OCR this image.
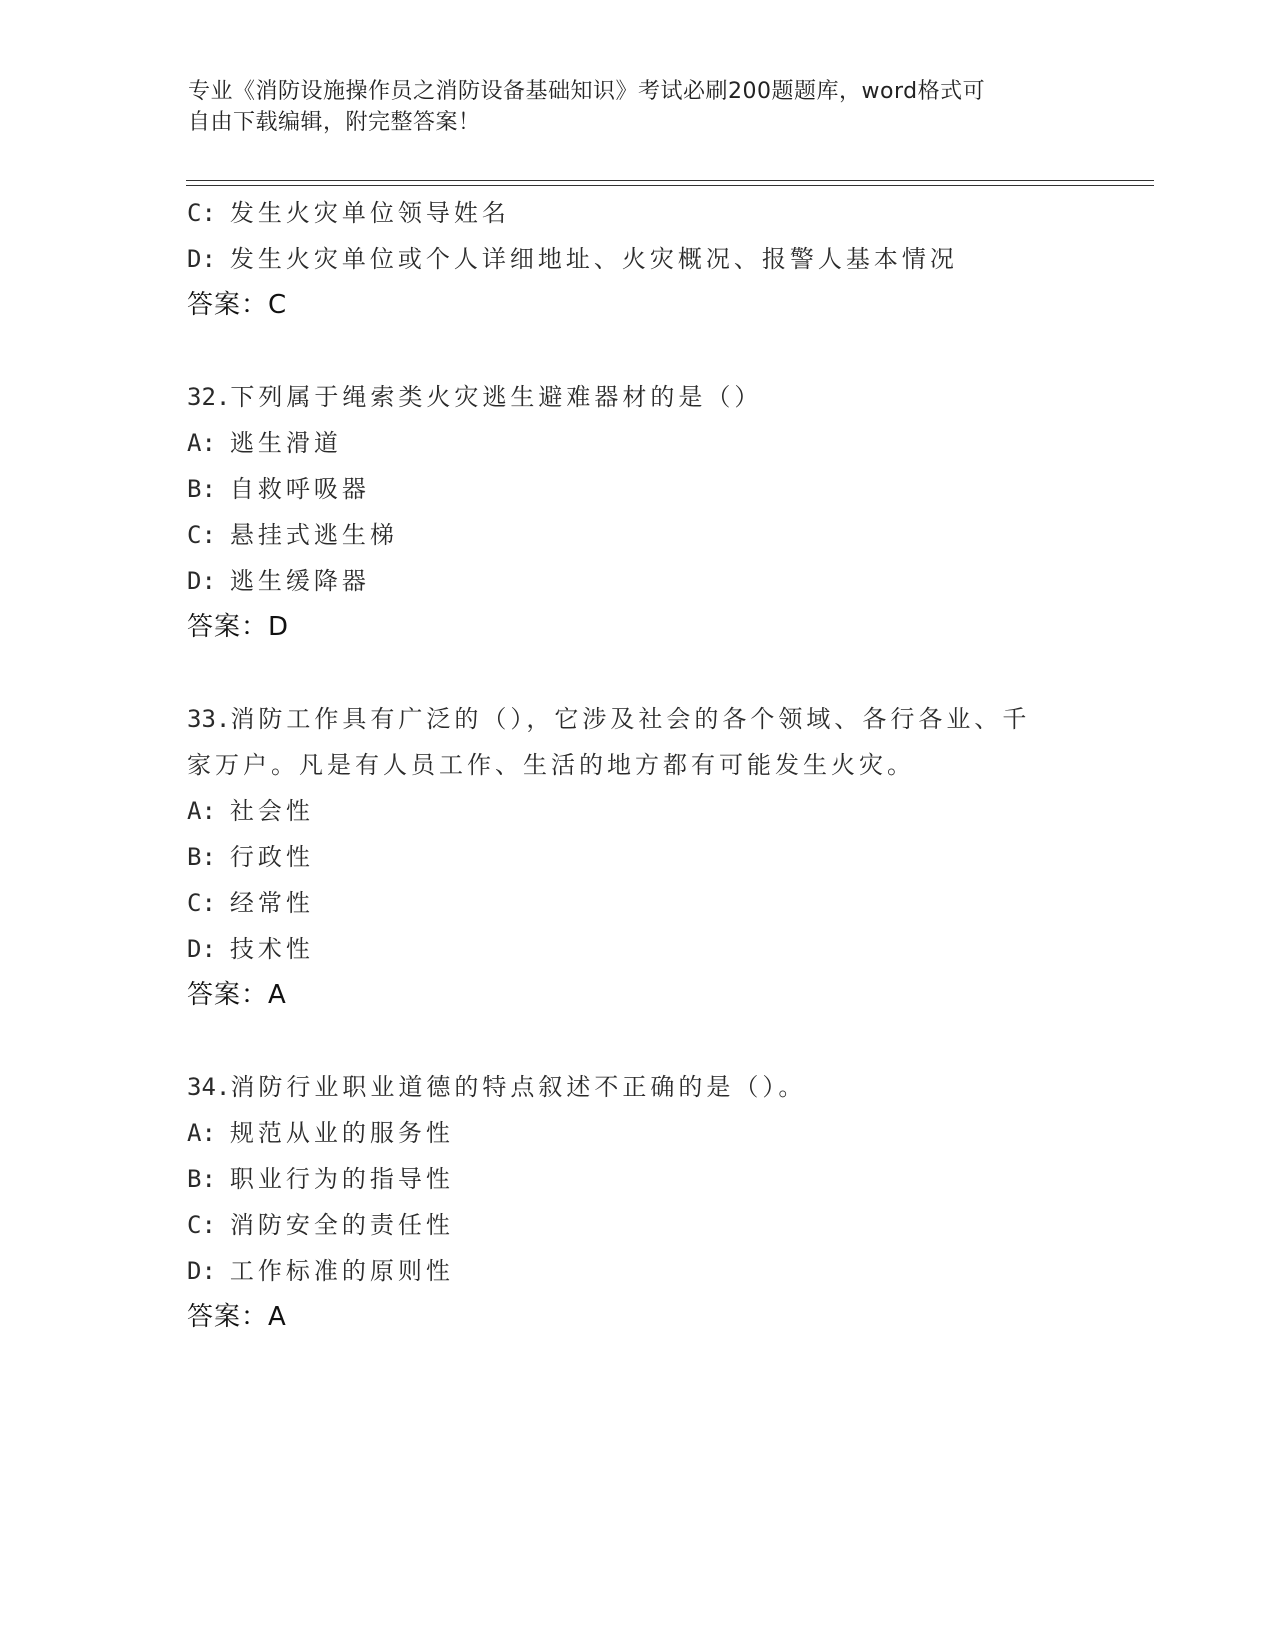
专业《消防设施操作员之消防设备基础知识》考试必刷200题题库，word格式可
自由下载编辑，附完整答案！
C: 发生火灾单位领导姓名
D: 发生火灾单位或个人详细地址、火灾概况、报警人基本情况
答案：C
32.下列属于绳索类火灾逃生避难器材的是（）
A: 逃生滑道
B: 自救呼吸器
C: 悬挂式逃生梯
D: 逃生缓降器
答案：D
33.消防工作具有广泛的（），它涉及社会的各个领域、各行各业、千
家万户。凡是有人员工作、生活的地方都有可能发生火灾。
A: 社会性
B: 行政性
C: 经常性
D: 技术性
答案：A
34.消防行业职业道德的特点叙述不正确的是（）。
A: 规范从业的服务性
B: 职业行为的指导性
C: 消防安全的责任性
D: 工作标准的原则性
答案：A
